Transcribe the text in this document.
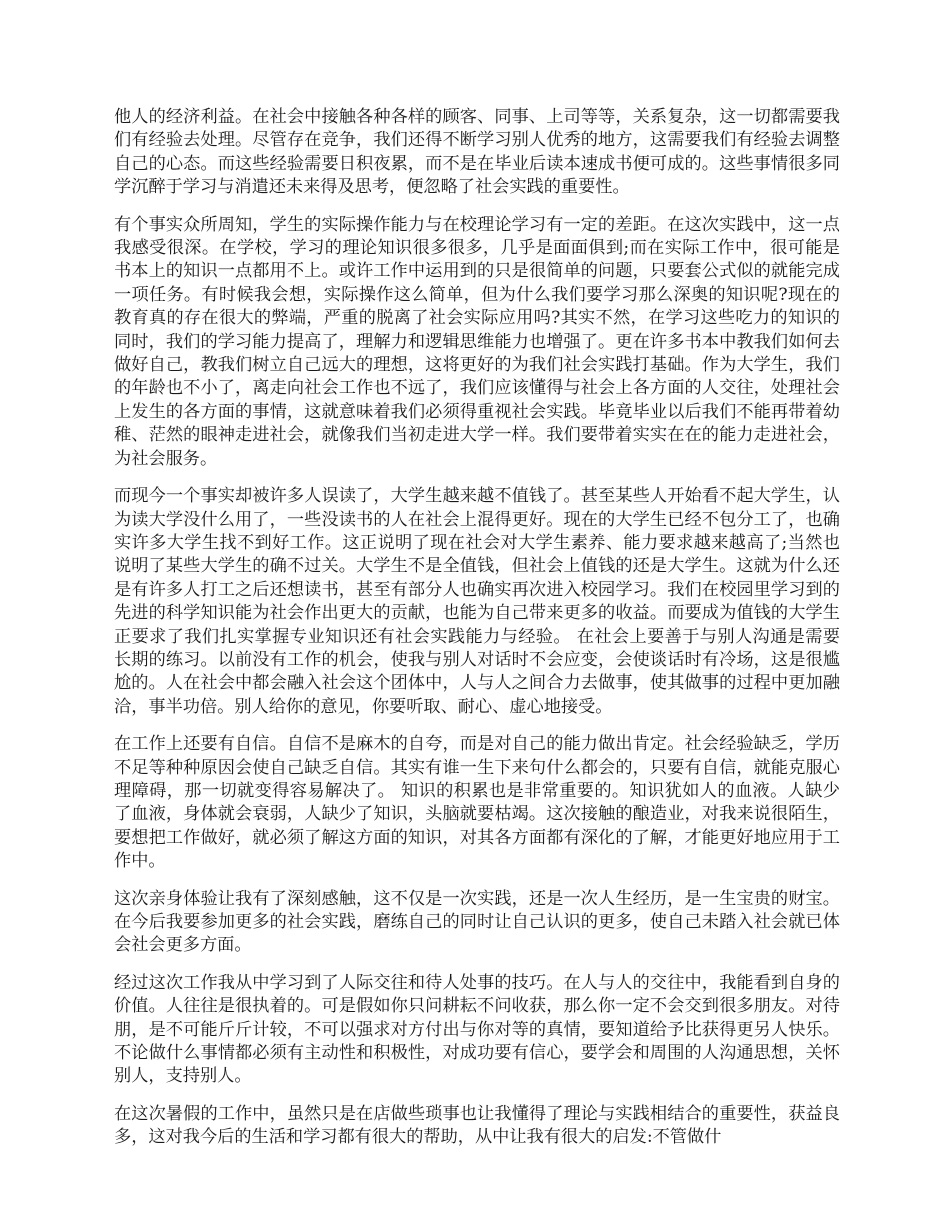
他人的经济利益。在社会中接触各种各样的顾客、同事、上司等等，关系复杂，这一切都需要我们有经验去处理。尽管存在竞争，我们还得不断学习别人优秀的地方，这需要我们有经验去调整自己的心态。而这些经验需要日积夜累，而不是在毕业后读本速成书便可成的。这些事情很多同学沉醉于学习与消遣还未来得及思考，便忽略了社会实践的重要性。

有个事实众所周知，学生的实际操作能力与在校理论学习有一定的差距。在这次实践中，这一点我感受很深。在学校，学习的理论知识很多很多，几乎是面面俱到;而在实际工作中，很可能是书本上的知识一点都用不上。或许工作中运用到的只是很简单的问题，只要套公式似的就能完成一项任务。有时候我会想，实际操作这么简单，但为什么我们要学习那么深奥的知识呢?现在的教育真的存在很大的弊端，严重的脱离了社会实际应用吗?其实不然，在学习这些吃力的知识的同时，我们的学习能力提高了，理解力和逻辑思维能力也增强了。更在许多书本中教我们如何去做好自己，教我们树立自己远大的理想，这将更好的为我们社会实践打基础。作为大学生，我们的年龄也不小了，离走向社会工作也不远了，我们应该懂得与社会上各方面的人交往，处理社会上发生的各方面的事情，这就意味着我们必须得重视社会实践。毕竟毕业以后我们不能再带着幼稚、茫然的眼神走进社会，就像我们当初走进大学一样。我们要带着实实在在的能力走进社会，为社会服务。

而现今一个事实却被许多人误读了，大学生越来越不值钱了。甚至某些人开始看不起大学生，认为读大学没什么用了，一些没读书的人在社会上混得更好。现在的大学生已经不包分工了，也确实许多大学生找不到好工作。这正说明了现在社会对大学生素养、能力要求越来越高了;当然也说明了某些大学生的确不过关。大学生不是全值钱，但社会上值钱的还是大学生。这就为什么还是有许多人打工之后还想读书，甚至有部分人也确实再次进入校园学习。我们在校园里学习到的先进的科学知识能为社会作出更大的贡献，也能为自己带来更多的收益。而要成为值钱的大学生正要求了我们扎实掌握专业知识还有社会实践能力与经验。 在社会上要善于与别人沟通是需要长期的练习。以前没有工作的机会，使我与别人对话时不会应变，会使谈话时有冷场，这是很尴尬的。人在社会中都会融入社会这个团体中，人与人之间合力去做事，使其做事的过程中更加融洽，事半功倍。别人给你的意见，你要听取、耐心、虚心地接受。

在工作上还要有自信。自信不是麻木的自夸，而是对自己的能力做出肯定。社会经验缺乏，学历不足等种种原因会使自己缺乏自信。其实有谁一生下来句什么都会的，只要有自信，就能克服心理障碍，那一切就变得容易解决了。 知识的积累也是非常重要的。知识犹如人的血液。人缺少了血液，身体就会衰弱，人缺少了知识，头脑就要枯竭。这次接触的酿造业，对我来说很陌生，要想把工作做好，就必须了解这方面的知识，对其各方面都有深化的了解，才能更好地应用于工作中。

这次亲身体验让我有了深刻感触，这不仅是一次实践，还是一次人生经历，是一生宝贵的财宝。在今后我要参加更多的社会实践，磨练自己的同时让自己认识的更多，使自己未踏入社会就已体会社会更多方面。

经过这次工作我从中学习到了人际交往和待人处事的技巧。在人与人的交往中，我能看到自身的价值。人往往是很执着的。可是假如你只问耕耘不问收获，那么你一定不会交到很多朋友。对待朋，是不可能斤斤计较，不可以强求对方付出与你对等的真情，要知道给予比获得更另人快乐。不论做什么事情都必须有主动性和积极性，对成功要有信心，要学会和周围的人沟通思想，关怀别人，支持别人。

在这次暑假的工作中，虽然只是在店做些琐事也让我懂得了理论与实践相结合的重要性，获益良多，这对我今后的生活和学习都有很大的帮助，从中让我有很大的启发:不管做什
